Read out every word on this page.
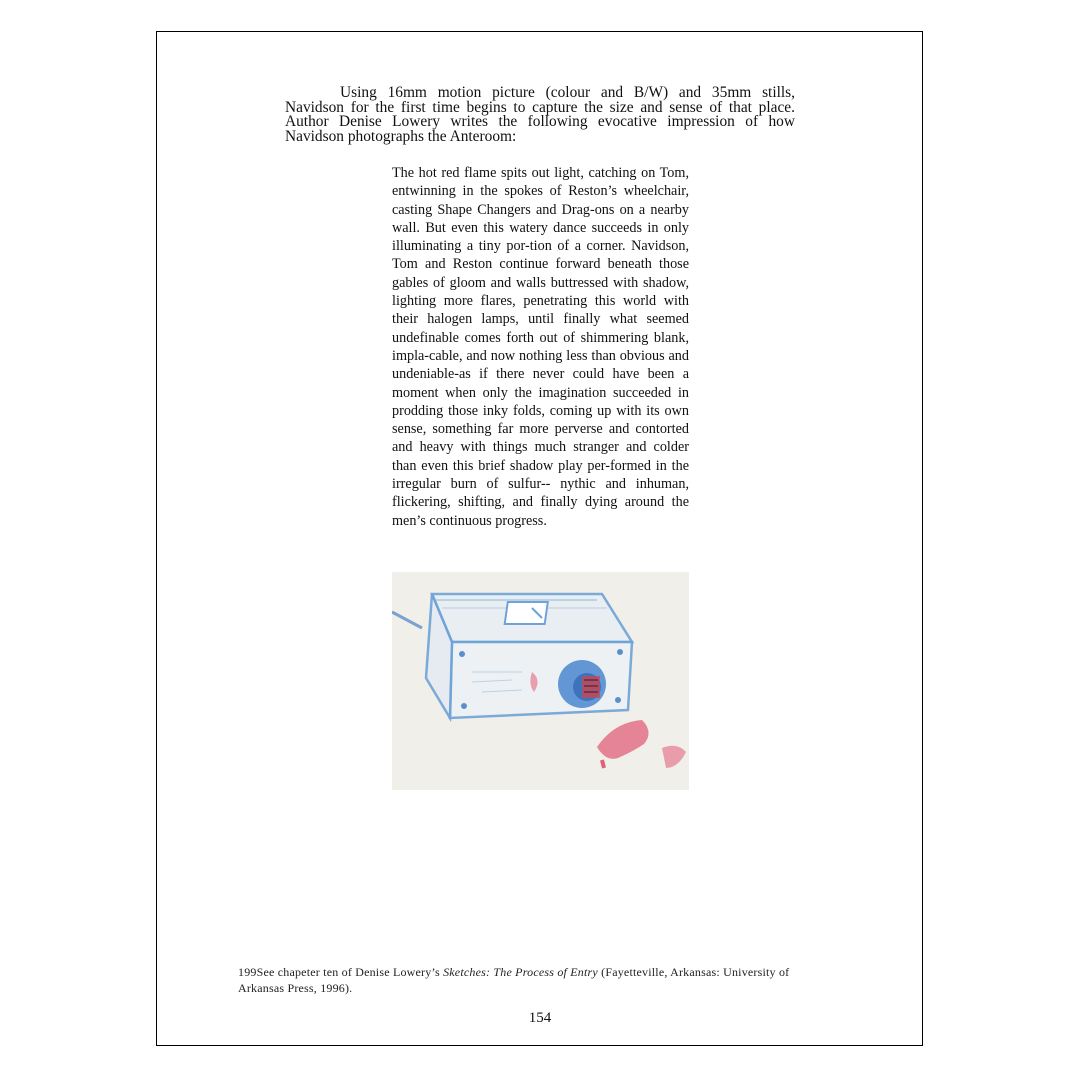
Using 16mm motion picture (colour and B/W) and 35mm stills, Navidson for the first time begins to capture the size and sense of that place. Author Denise Lowery writes the following evocative impression of how Navidson photographs the Anteroom:

The hot red flame spits out light, catching on Tom, entwinning in the spokes of Reston’s wheelchair, casting Shape Changers and Drag-ons on a nearby wall. But even this watery dance succeeds in only illuminating a tiny por-tion of a corner. Navidson, Tom and Reston continue forward beneath those gables of gloom and walls buttressed with shadow, lighting more flares, penetrating this world with their halogen lamps, until finally what seemed undefinable comes forth out of shimmering blank, impla-cable, and now nothing less than obvious and undeniable-as if there never could have been a moment when only the imagination succeeded in prodding those inky folds, coming up with its own sense, something far more perverse and contorted and heavy with things much stranger and colder than even this brief shadow play per-formed in the irregular burn of sulfur-- nythic and inhuman, flickering, shifting, and finally dying around the men’s continuous progress.

199See chapeter ten of Denise Lowery’s Sketches: The Process of Entry (Fayetteville, Arkansas: University of Arkansas Press, 1996).

154
